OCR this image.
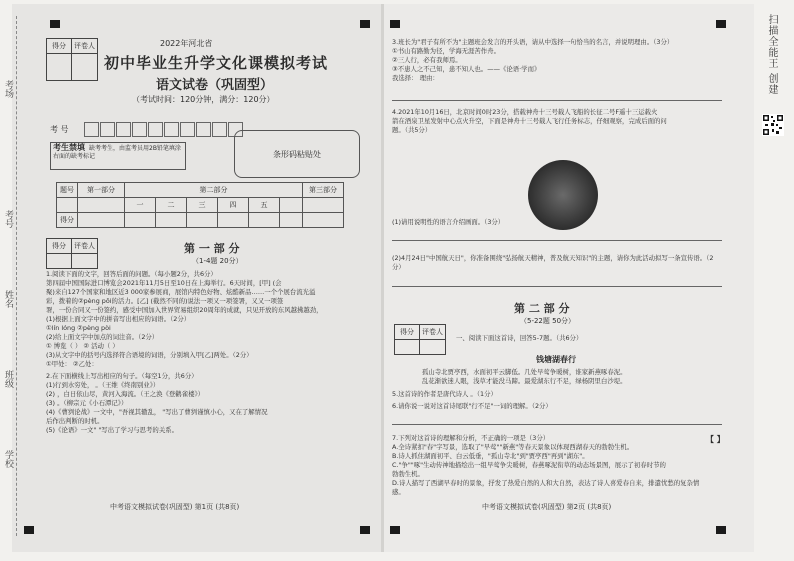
考场
考号
姓名
班级
学校
得分	评卷人
		2022年河北省
初中毕业生升学文化课模拟考试
语文试卷（巩固型）
（考试时间：120分钟，满分：120分）
考 号
考生禁填 缺考考生，由监考员用2B铅笔填涂右面的缺考标记	条形码粘贴处
题号	第一部分	第二部分						第三部分
		一	二	三	四	五		
得分								
得分	评卷人
		第 一 部 分
（1-4题 20分）
1.阅读下面的文字，回答后面的问题。（每小题2分，共6分）
第四届中国国际进口博览会2021年11月5日至10日在上海举行。6天时间，[甲] (会
聚)来自127个国家和地区近3 000家参展商，展馆内特色好物、炫酷新品……一个个展台流光溢
彩，拨着的②pèng pōi的活力。[乙] (截然不同的)说法一项又一项签署，又又一项签
署，一份合同又一份签约，感受中国加入世界贸易组织20周年的成就，只见开放的东风越拂越劲，
(1)根据上面文字中的拼音写出相应的词语。（2分）
①lín lóng ②pèng pòi
(2)给上面文字中加点的词注音。（2分）
① 博览（ ） ② 活动（ ）
(3)从文字中的括号内选择符合语境的词语，分别填入甲[乙]两处。（2分）
①甲处： ②乙处：
2.在下面横线上写出相应的句子。（每空1分，共6分）
(1)行到水穷处， 。（王维《终南别业》）
(2) ，白日依山尽，黄河入海流。（王之涣《登鹳雀楼》）
(3) 。（柳宗元《小石潭记》）
(4)《曹刿论战》一文中，"吾视其辙乱， "写出了曹刿谨慎小心，又在了解情况
后作出判断的时机。
(5)《论语》一文" "写出了学习与思考的关系。
中考语文模拟试卷(巩固型) 第1页 (共8页)
3.班长为"君子有所不为"主题班会发言的开头语，请从中选择一句恰当的名言，并说明理由。（3分）
①书山有路勤为径，学海无涯苦作舟。
②三人行，必有我师焉。
③不患人之不己知，患不知人也。——《论语·学而》
我选择： 理由：
4.2021年10月16日，北京时间0时23分，搭载神舟十三号载人飞船的长征二号F遥十三运载火
箭在酒泉卫星发射中心点火升空，下面是神舟十三号载人飞行任务标志，仔细观察，完成后面的问
题。（共5分）
(1)请用说明性的语言介绍画面。（3分）
(2)4月24日"中国航天日"，你准备围绕"弘扬航天精神，普及航天知识"的主题，请你为此活动拟写一条宣传语。（2分）
第 二 部 分
（5-22题 50分）
得分	评卷人

一、阅读下面这首诗，回答5-7题。（共6分）
钱塘湖春行
孤山寺北贾亭西，水面初平云脚低。几处早莺争暖树，谁家新燕啄春泥。
乱花渐欲迷人眼，浅草才能没马蹄。最爱湖东行不足，绿杨阴里白沙堤。
5.这首诗的作者是唐代诗人 。（1分）
6.请你说一说对这首诗尾联"行不足"一词的理解。（2分）
7.下列对这首诗的理解和分析，不正确的一项是（3分）
A.全诗紧扣"春"字写景，选取了"早莺""新燕"等春天景象以体现西湖春天的勃勃生机。
B.诗人抓住湖面初平、白云低垂，"孤山寺北"到"贾亭西"再到"湖东"。
C."争""啄"生动传神地描绘出一组早莺争尖暖树，春燕啄泥衔草的动态场景图，展示了初春时节的
勃勃生机。
D.诗人描写了西湖早春时的景象，抒发了热爱自然的人和大自然，表达了诗人喜爱春自来，排遣忧愁的复杂情感。
【 】
中考语文模拟试卷(巩固型) 第2页 (共8页)
扫描全能王 创建
